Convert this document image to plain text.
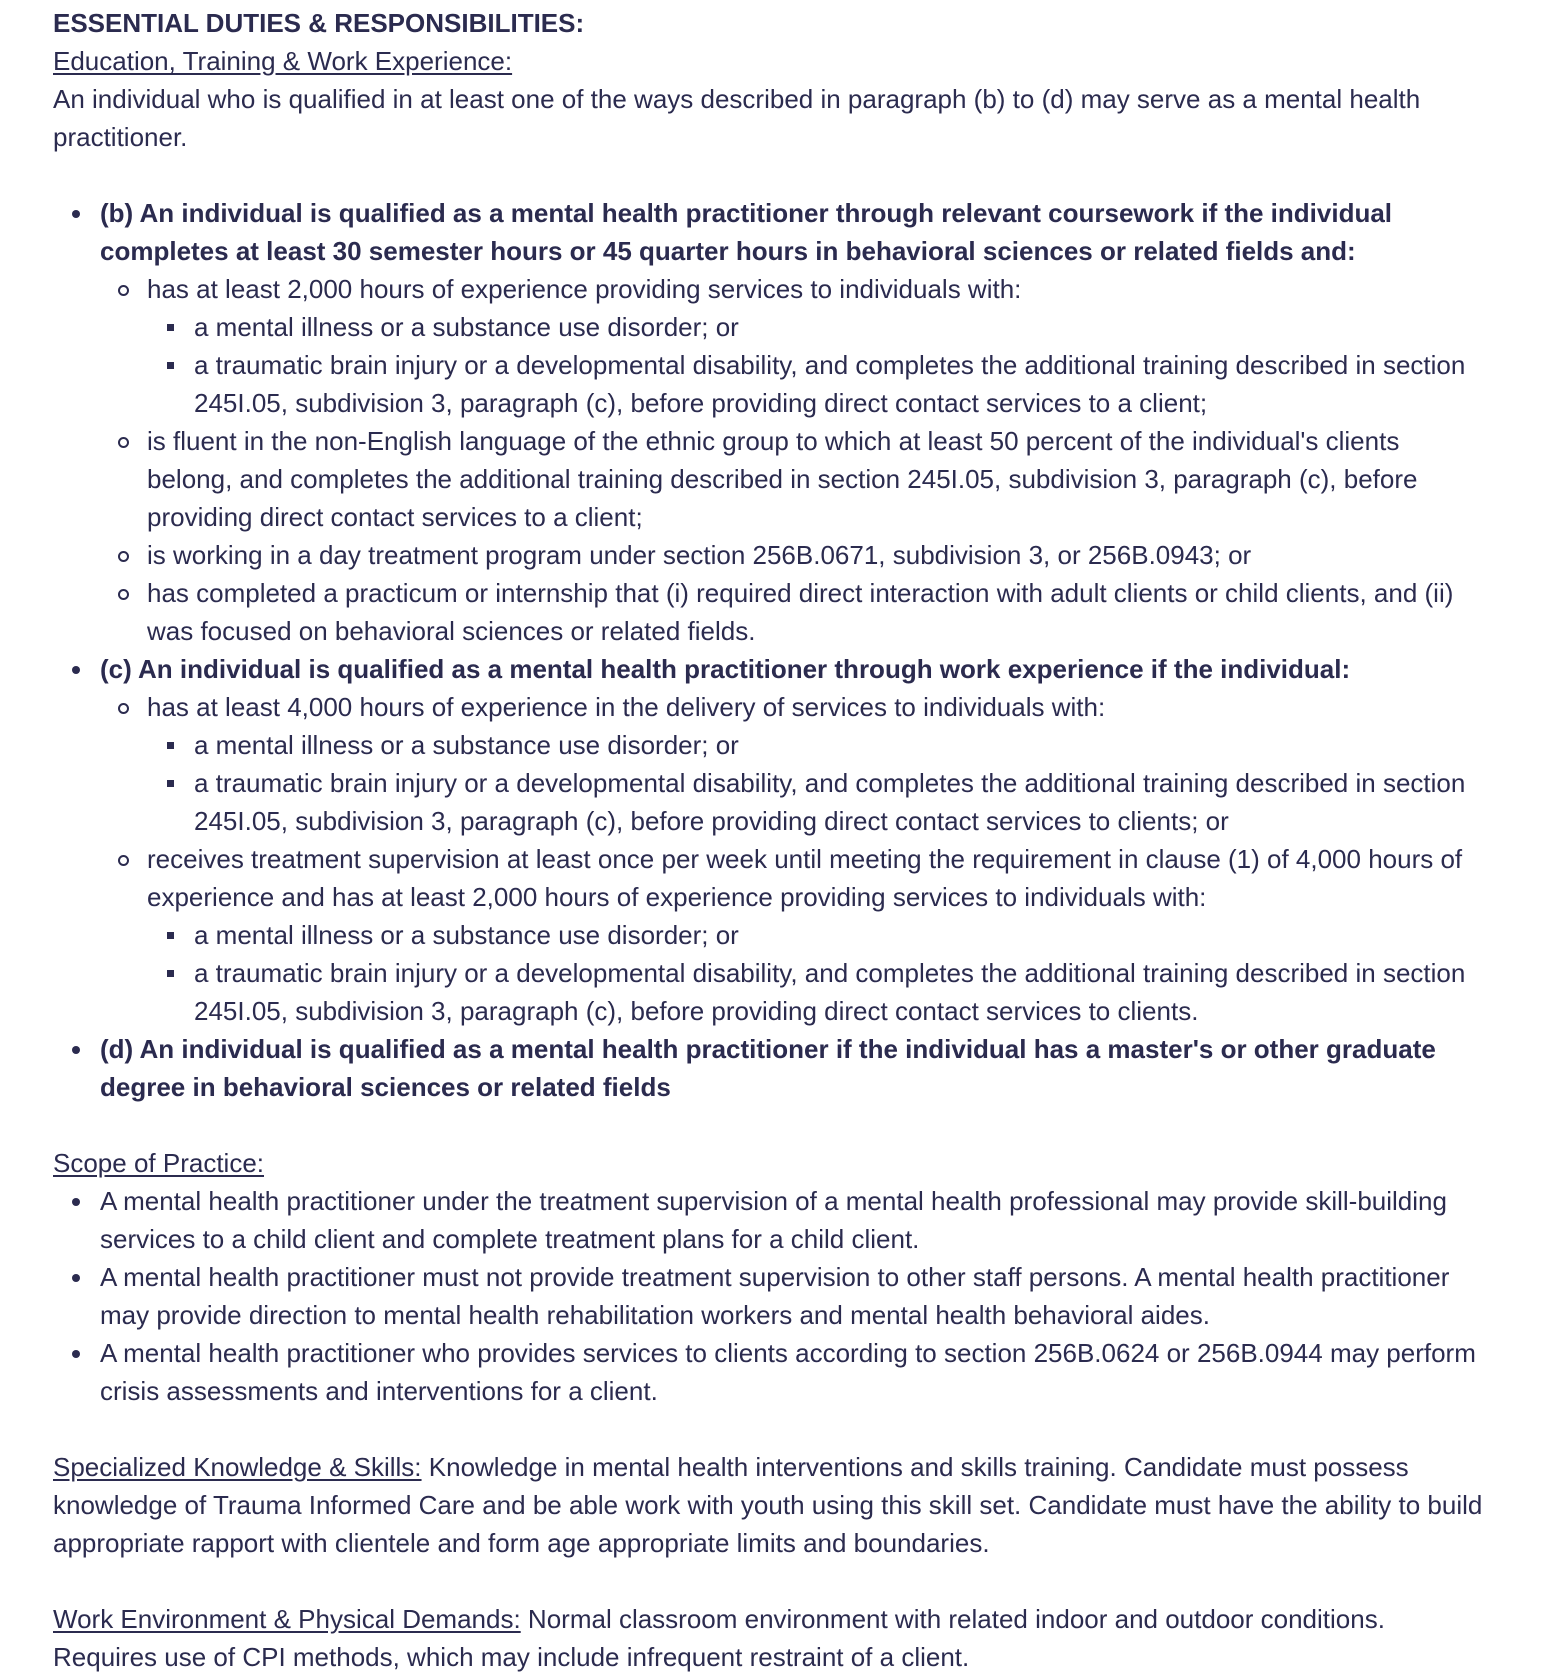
ESSENTIAL DUTIES & RESPONSIBILITIES:

Education, Training & Work Experience:

An individual who is qualified in at least one of the ways described in paragraph (b) to (d) may serve as a mental health practitioner.

(b) An individual is qualified as a mental health practitioner through relevant coursework if the individual completes at least 30 semester hours or 45 quarter hours in behavioral sciences or related fields and:
has at least 2,000 hours of experience providing services to individuals with:
a mental illness or a substance use disorder; or
a traumatic brain injury or a developmental disability, and completes the additional training described in section 245I.05, subdivision 3, paragraph (c), before providing direct contact services to a client;
is fluent in the non-English language of the ethnic group to which at least 50 percent of the individual's clients belong, and completes the additional training described in section 245I.05, subdivision 3, paragraph (c), before providing direct contact services to a client;
is working in a day treatment program under section 256B.0671, subdivision 3, or 256B.0943; or
has completed a practicum or internship that (i) required direct interaction with adult clients or child clients, and (ii) was focused on behavioral sciences or related fields.
(c) An individual is qualified as a mental health practitioner through work experience if the individual:
has at least 4,000 hours of experience in the delivery of services to individuals with:
a mental illness or a substance use disorder; or
a traumatic brain injury or a developmental disability, and completes the additional training described in section 245I.05, subdivision 3, paragraph (c), before providing direct contact services to clients; or
receives treatment supervision at least once per week until meeting the requirement in clause (1) of 4,000 hours of experience and has at least 2,000 hours of experience providing services to individuals with:
a mental illness or a substance use disorder; or
a traumatic brain injury or a developmental disability, and completes the additional training described in section 245I.05, subdivision 3, paragraph (c), before providing direct contact services to clients.
(d) An individual is qualified as a mental health practitioner if the individual has a master's or other graduate degree in behavioral sciences or related fields

Scope of Practice:

A mental health practitioner under the treatment supervision of a mental health professional may provide skill-building services to a child client and complete treatment plans for a child client.
A mental health practitioner must not provide treatment supervision to other staff persons. A mental health practitioner may provide direction to mental health rehabilitation workers and mental health behavioral aides.
A mental health practitioner who provides services to clients according to section 256B.0624 or 256B.0944 may perform crisis assessments and interventions for a client.

Specialized Knowledge & Skills: Knowledge in mental health interventions and skills training. Candidate must possess knowledge of Trauma Informed Care and be able work with youth using this skill set. Candidate must have the ability to build appropriate rapport with clientele and form age appropriate limits and boundaries.

Work Environment & Physical Demands: Normal classroom environment with related indoor and outdoor conditions. Requires use of CPI methods, which may include infrequent restraint of a client.
